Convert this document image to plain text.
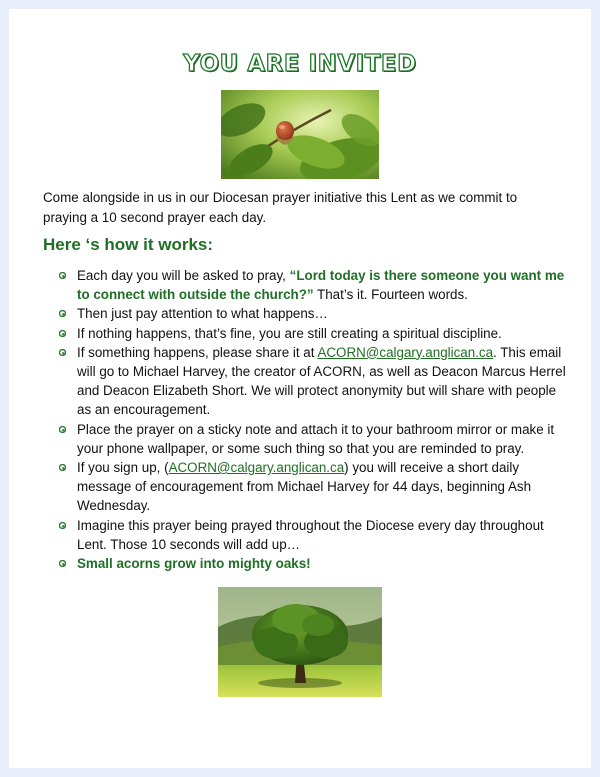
YOU ARE INVITED
Come alongside in us in our Diocesan prayer initiative this Lent as we commit to praying a 10 second prayer each day.
Here ‘s how it works:
Each day you will be asked to pray, “Lord today is there someone you want me to connect with outside the church?” That’s it. Fourteen words.
Then just pay attention to what happens…
If nothing happens, that’s fine, you are still creating a spiritual discipline.
If something happens, please share it at ACORN@calgary.anglican.ca. This email will go to Michael Harvey, the creator of ACORN, as well as Deacon Marcus Herrel and Deacon Elizabeth Short. We will protect anonymity but will share with people as an encouragement.
Place the prayer on a sticky note and attach it to your bathroom mirror or make it your phone wallpaper, or some such thing so that you are reminded to pray.
If you sign up, (ACORN@calgary.anglican.ca) you will receive a short daily message of encouragement from Michael Harvey for 44 days, beginning Ash Wednesday.
Imagine this prayer being prayed throughout the Diocese every day throughout Lent. Those 10 seconds will add up…
Small acorns grow into mighty oaks!
